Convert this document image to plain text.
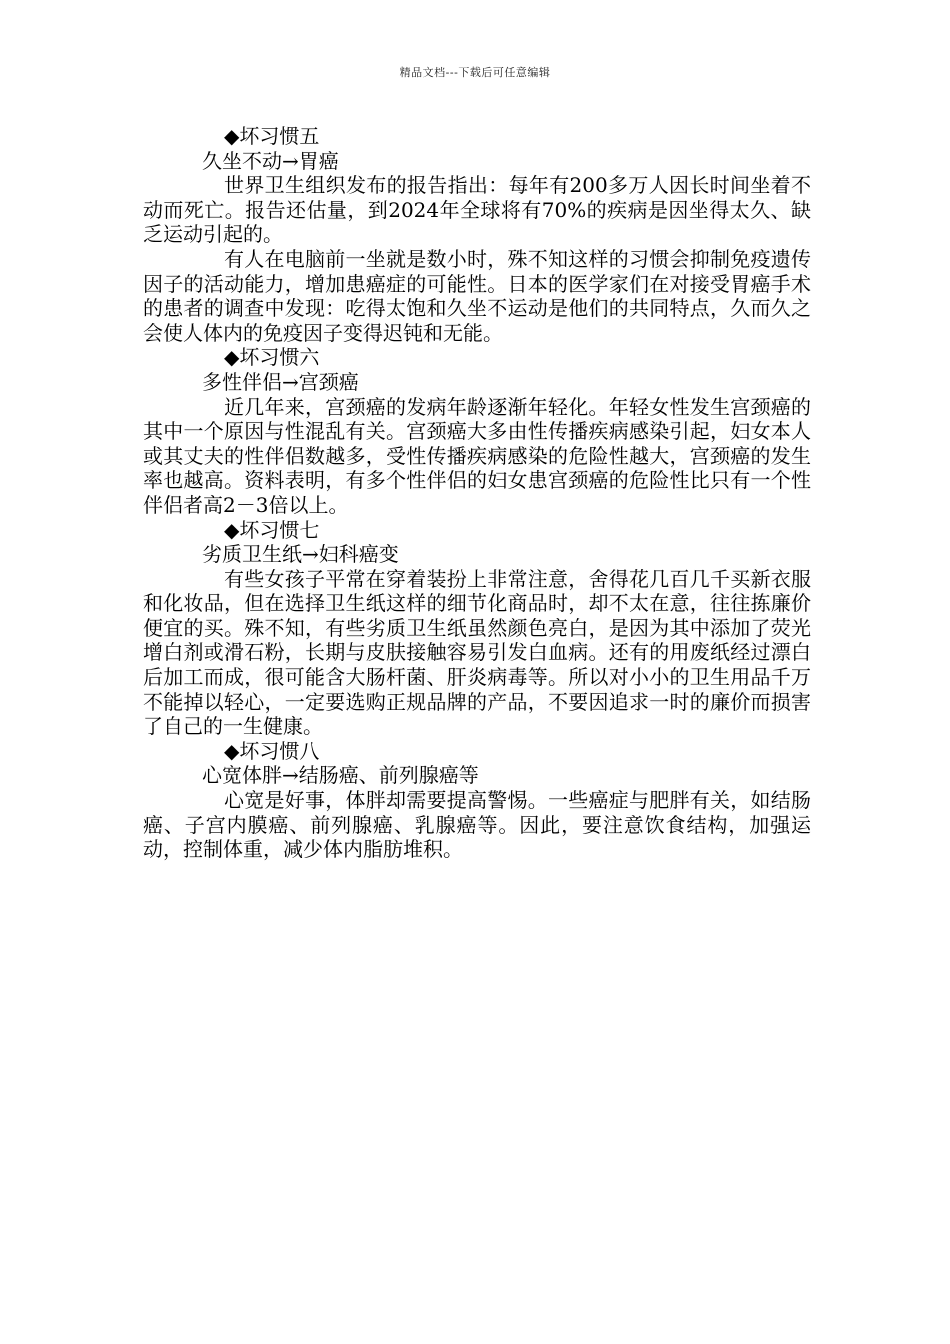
精品文档---下载后可任意编辑

◆坏习惯五

久坐不动→胃癌

世界卫生组织发布的报告指出：每年有200多万人因长时间坐着不动而死亡。报告还估量，到2024年全球将有70%的疾病是因坐得太久、缺乏运动引起的。

有人在电脑前一坐就是数小时，殊不知这样的习惯会抑制免疫遗传因子的活动能力，增加患癌症的可能性。日本的医学家们在对接受胃癌手术的患者的调查中发现：吃得太饱和久坐不运动是他们的共同特点，久而久之会使人体内的免疫因子变得迟钝和无能。

◆坏习惯六

多性伴侣→宫颈癌

近几年来，宫颈癌的发病年龄逐渐年轻化。年轻女性发生宫颈癌的其中一个原因与性混乱有关。宫颈癌大多由性传播疾病感染引起，妇女本人或其丈夫的性伴侣数越多，受性传播疾病感染的危险性越大，宫颈癌的发生率也越高。资料表明，有多个性伴侣的妇女患宫颈癌的危险性比只有一个性伴侣者高2－3倍以上。

◆坏习惯七

劣质卫生纸→妇科癌变

有些女孩子平常在穿着装扮上非常注意，舍得花几百几千买新衣服和化妆品，但在选择卫生纸这样的细节化商品时，却不太在意，往往拣廉价便宜的买。殊不知，有些劣质卫生纸虽然颜色亮白，是因为其中添加了荧光增白剂或滑石粉，长期与皮肤接触容易引发白血病。还有的用废纸经过漂白后加工而成，很可能含大肠杆菌、肝炎病毒等。所以对小小的卫生用品千万不能掉以轻心，一定要选购正规品牌的产品，不要因追求一时的廉价而损害了自己的一生健康。

◆坏习惯八

心宽体胖→结肠癌、前列腺癌等

心宽是好事，体胖却需要提高警惕。一些癌症与肥胖有关，如结肠癌、子宫内膜癌、前列腺癌、乳腺癌等。因此，要注意饮食结构，加强运动，控制体重，减少体内脂肪堆积。
